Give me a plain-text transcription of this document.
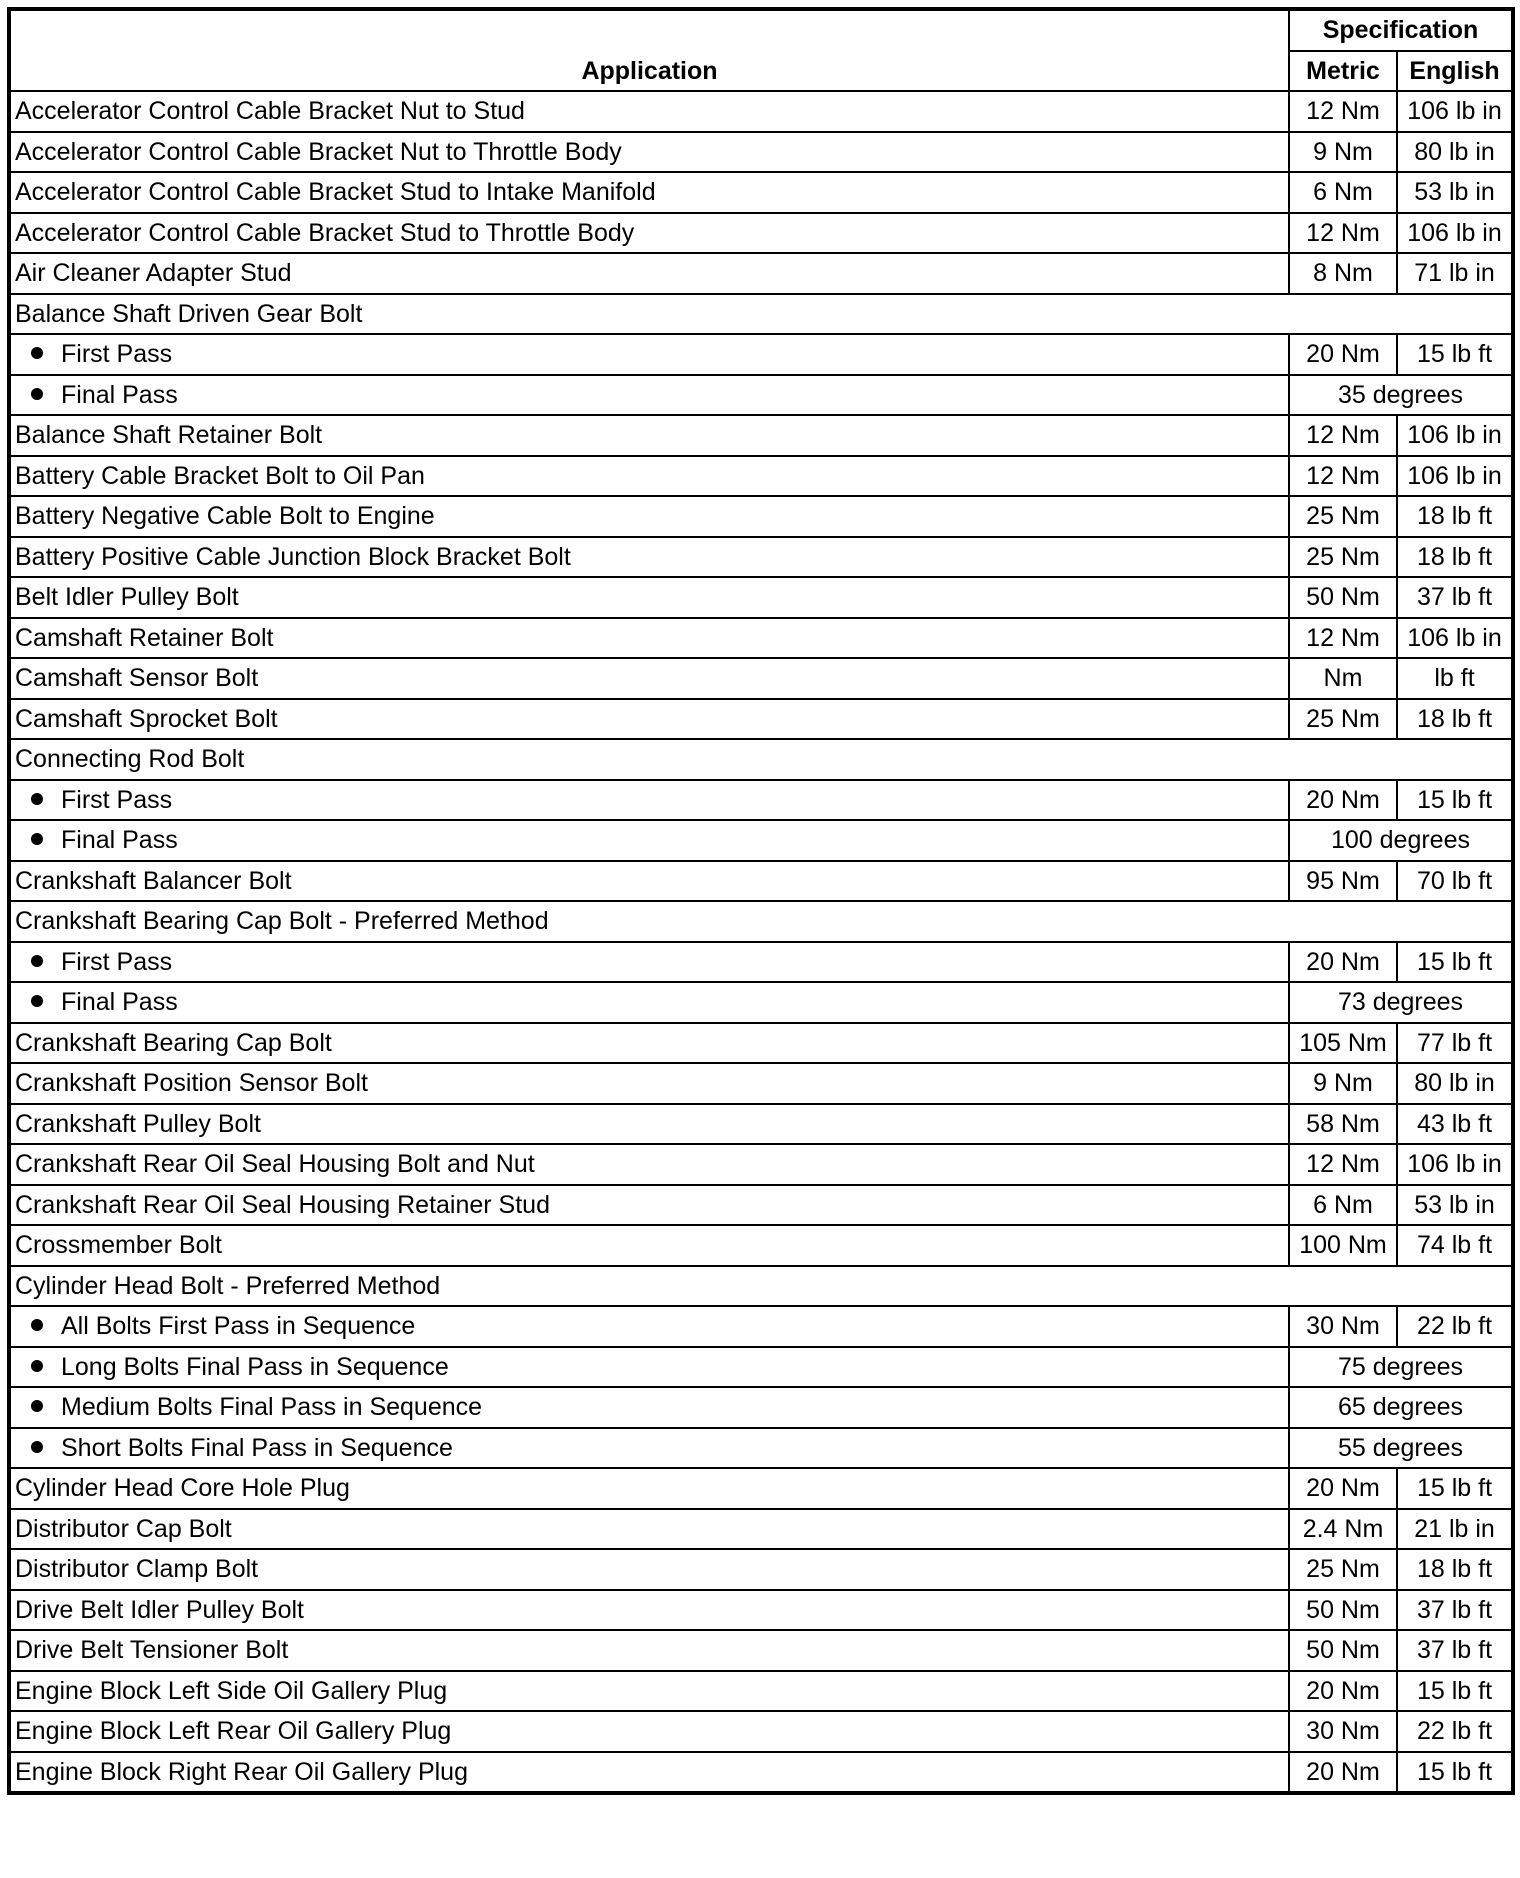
Application	Specification	
	Metric	English
Accelerator Control Cable Bracket Nut to Stud	12 Nm	106 lb in
Accelerator Control Cable Bracket Nut to Throttle Body	9 Nm	80 lb in
Accelerator Control Cable Bracket Stud to Intake Manifold	6 Nm	53 lb in
Accelerator Control Cable Bracket Stud to Throttle Body	12 Nm	106 lb in
Air Cleaner Adapter Stud	8 Nm	71 lb in
Balance Shaft Driven Gear Bolt		
First Pass	20 Nm	15 lb ft
Final Pass	35 degrees	
Balance Shaft Retainer Bolt	12 Nm	106 lb in
Battery Cable Bracket Bolt to Oil Pan	12 Nm	106 lb in
Battery Negative Cable Bolt to Engine	25 Nm	18 lb ft
Battery Positive Cable Junction Block Bracket Bolt	25 Nm	18 lb ft
Belt Idler Pulley Bolt	50 Nm	37 lb ft
Camshaft Retainer Bolt	12 Nm	106 lb in
Camshaft Sensor Bolt	Nm	lb ft
Camshaft Sprocket Bolt	25 Nm	18 lb ft
Connecting Rod Bolt		
First Pass	20 Nm	15 lb ft
Final Pass	100 degrees	
Crankshaft Balancer Bolt	95 Nm	70 lb ft
Crankshaft Bearing Cap Bolt - Preferred Method		
First Pass	20 Nm	15 lb ft
Final Pass	73 degrees	
Crankshaft Bearing Cap Bolt	105 Nm	77 lb ft
Crankshaft Position Sensor Bolt	9 Nm	80 lb in
Crankshaft Pulley Bolt	58 Nm	43 lb ft
Crankshaft Rear Oil Seal Housing Bolt and Nut	12 Nm	106 lb in
Crankshaft Rear Oil Seal Housing Retainer Stud	6 Nm	53 lb in
Crossmember Bolt	100 Nm	74 lb ft
Cylinder Head Bolt - Preferred Method		
All Bolts First Pass in Sequence	30 Nm	22 lb ft
Long Bolts Final Pass in Sequence	75 degrees	
Medium Bolts Final Pass in Sequence	65 degrees	
Short Bolts Final Pass in Sequence	55 degrees	
Cylinder Head Core Hole Plug	20 Nm	15 lb ft
Distributor Cap Bolt	2.4 Nm	21 lb in
Distributor Clamp Bolt	25 Nm	18 lb ft
Drive Belt Idler Pulley Bolt	50 Nm	37 lb ft
Drive Belt Tensioner Bolt	50 Nm	37 lb ft
Engine Block Left Side Oil Gallery Plug	20 Nm	15 lb ft
Engine Block Left Rear Oil Gallery Plug	30 Nm	22 lb ft
Engine Block Right Rear Oil Gallery Plug	20 Nm	15 lb ft
